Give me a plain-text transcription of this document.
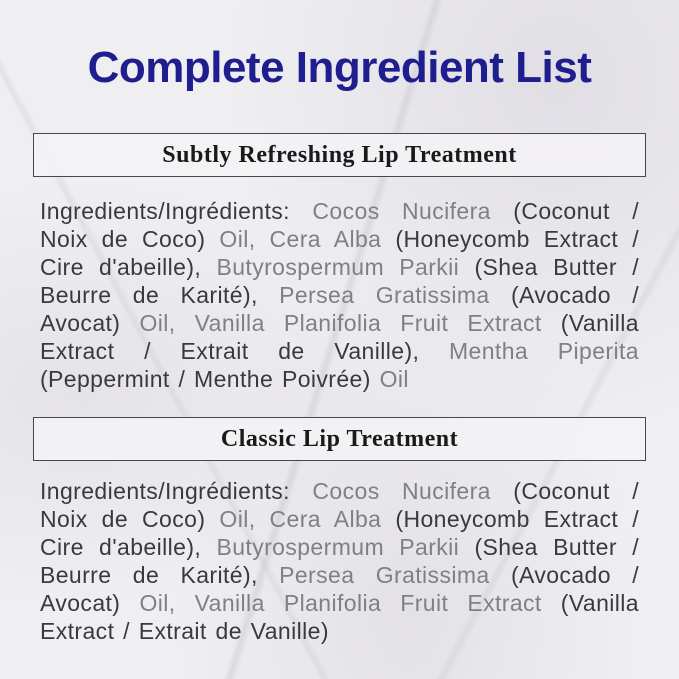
Complete Ingredient List
Subtly Refreshing Lip Treatment

Ingredients/Ingrédients: Cocos Nucifera (Coconut / Noix de Coco) Oil, Cera Alba (Honeycomb Extract / Cire d'abeille), Butyrospermum Parkii (Shea Butter / Beurre de Karité), Persea Gratissima (Avocado / Avocat) Oil, Vanilla Planifolia Fruit Extract (Vanilla Extract / Extrait de Vanille), Mentha Piperita (Peppermint / Menthe Poivrée) Oil

Classic Lip Treatment

Ingredients/Ingrédients: Cocos Nucifera (Coconut / Noix de Coco) Oil, Cera Alba (Honeycomb Extract / Cire d'abeille), Butyrospermum Parkii (Shea Butter / Beurre de Karité), Persea Gratissima (Avocado / Avocat) Oil, Vanilla Planifolia Fruit Extract (Vanilla Extract / Extrait de Vanille)
